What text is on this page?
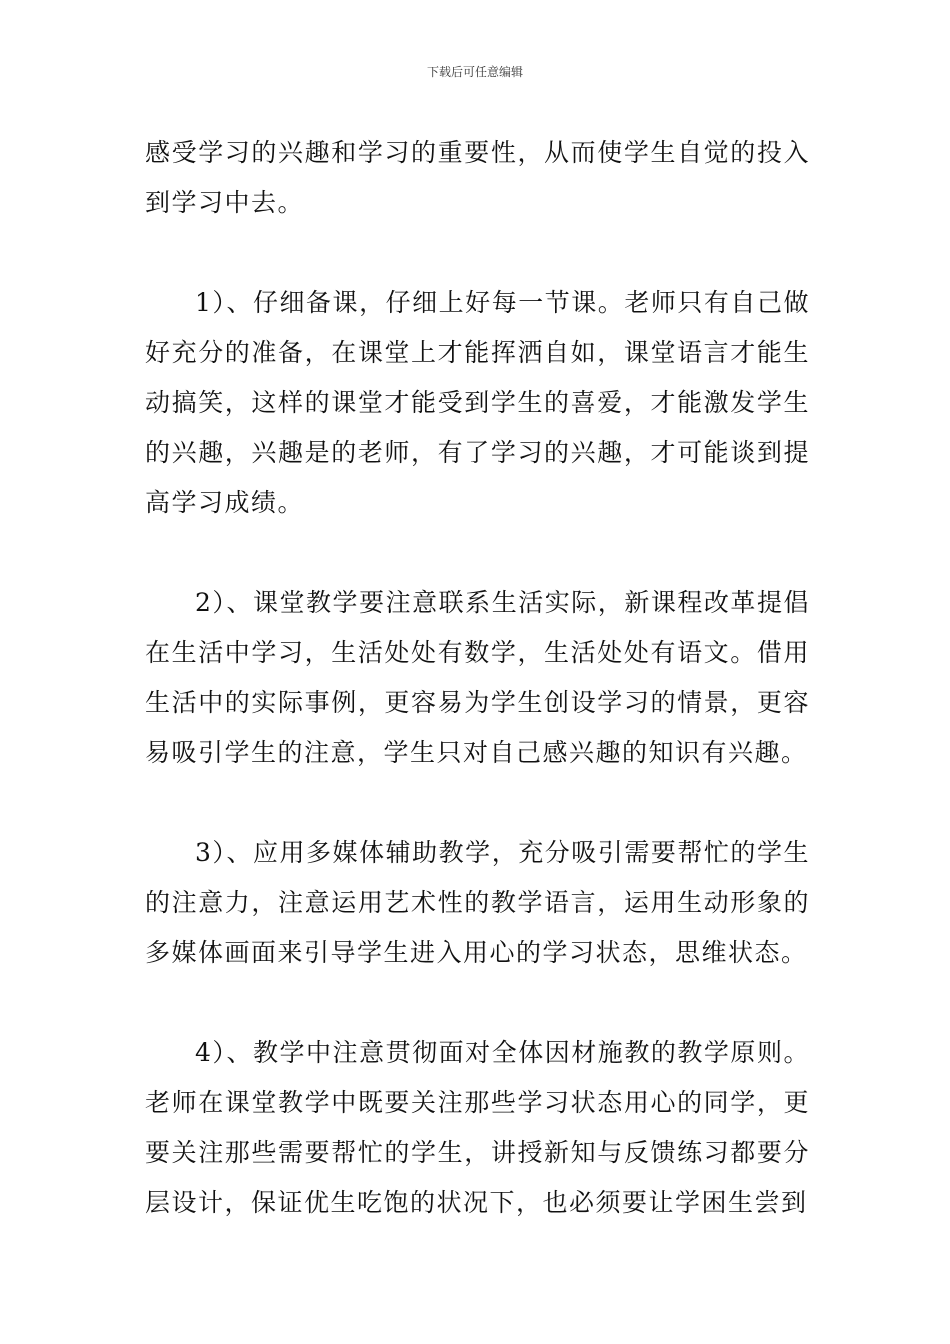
下载后可任意编辑

感受学习的兴趣和学习的重要性，从而使学生自觉的投入到学习中去。

1）、仔细备课，仔细上好每一节课。老师只有自己做好充分的准备，在课堂上才能挥洒自如，课堂语言才能生动搞笑，这样的课堂才能受到学生的喜爱，才能激发学生的兴趣，兴趣是的老师，有了学习的兴趣，才可能谈到提高学习成绩。

2）、课堂教学要注意联系生活实际，新课程改革提倡在生活中学习，生活处处有数学，生活处处有语文。借用生活中的实际事例，更容易为学生创设学习的情景，更容易吸引学生的注意，学生只对自己感兴趣的知识有兴趣。

3）、应用多媒体辅助教学，充分吸引需要帮忙的学生的注意力，注意运用艺术性的教学语言，运用生动形象的多媒体画面来引导学生进入用心的学习状态，思维状态。

4）、教学中注意贯彻面对全体因材施教的教学原则。老师在课堂教学中既要关注那些学习状态用心的同学，更要关注那些需要帮忙的学生，讲授新知与反馈练习都要分层设计，保证优生吃饱的状况下，也必须要让学困生尝到
